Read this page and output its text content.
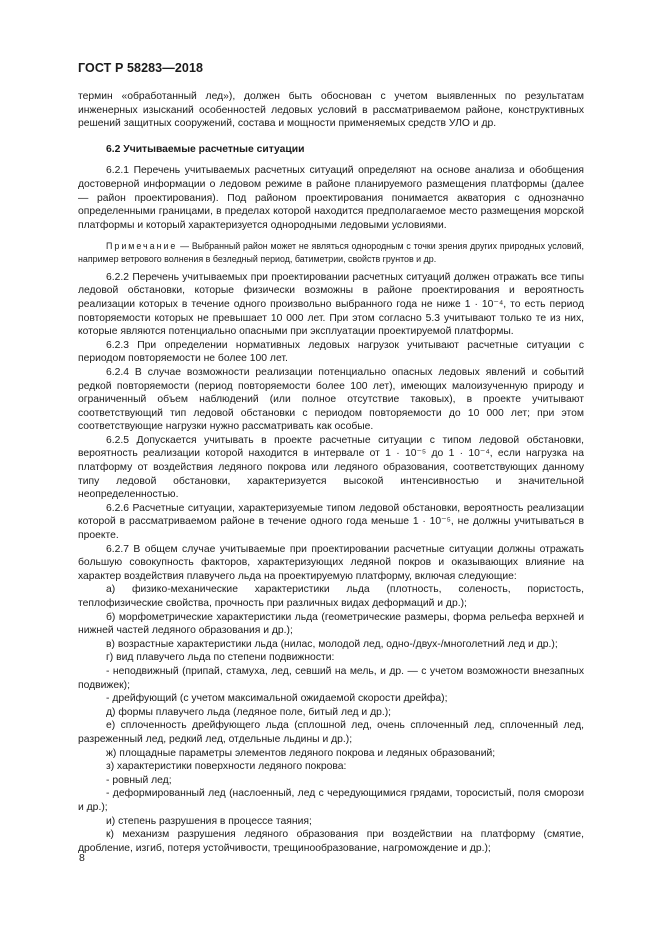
ГОСТ Р 58283—2018

термин «обработанный лед»), должен быть обоснован с учетом выявленных по результатам инженерных изысканий особенностей ледовых условий в рассматриваемом районе, конструктивных решений защитных сооружений, состава и мощности применяемых средств УЛО и др.

6.2 Учитываемые расчетные ситуации

6.2.1 Перечень учитываемых расчетных ситуаций определяют на основе анализа и обобщения достоверной информации о ледовом режиме в районе планируемого размещения платформы (далее — район проектирования). Под районом проектирования понимается акватория с однозначно определенными границами, в пределах которой находится предполагаемое место размещения морской платформы и который характеризуется однородными ледовыми условиями.

Примечание — Выбранный район может не являться однородным с точки зрения других природных условий, например ветрового волнения в безледный период, батиметрии, свойств грунтов и др.

6.2.2 Перечень учитываемых при проектировании расчетных ситуаций должен отражать все типы ледовой обстановки, которые физически возможны в районе проектирования и вероятность реализации которых в течение одного произвольно выбранного года не ниже 1 · 10⁻⁴, то есть период повторяемости которых не превышает 10 000 лет. При этом согласно 5.3 учитывают только те из них, которые являются потенциально опасными при эксплуатации проектируемой платформы.

6.2.3 При определении нормативных ледовых нагрузок учитывают расчетные ситуации с периодом повторяемости не более 100 лет.

6.2.4 В случае возможности реализации потенциально опасных ледовых явлений и событий редкой повторяемости (период повторяемости более 100 лет), имеющих малоизученную природу и ограниченный объем наблюдений (или полное отсутствие таковых), в проекте учитывают соответствующий тип ледовой обстановки с периодом повторяемости до 10 000 лет; при этом соответствующие нагрузки нужно рассматривать как особые.

6.2.5 Допускается учитывать в проекте расчетные ситуации с типом ледовой обстановки, вероятность реализации которой находится в интервале от 1 · 10⁻⁵ до 1 · 10⁻⁴, если нагрузка на платформу от воздействия ледяного покрова или ледяного образования, соответствующих данному типу ледовой обстановки, характеризуется высокой интенсивностью и значительной неопределенностью.

6.2.6 Расчетные ситуации, характеризуемые типом ледовой обстановки, вероятность реализации которой в рассматриваемом районе в течение одного года меньше 1 · 10⁻⁵, не должны учитываться в проекте.

6.2.7 В общем случае учитываемые при проектировании расчетные ситуации должны отражать большую совокупность факторов, характеризующих ледяной покров и оказывающих влияние на характер воздействия плавучего льда на проектируемую платформу, включая следующие:

а) физико-механические характеристики льда (плотность, соленость, пористость, теплофизические свойства, прочность при различных видах деформаций и др.);

б) морфометрические характеристики льда (геометрические размеры, форма рельефа верхней и нижней частей ледяного образования и др.);

в) возрастные характеристики льда (нилас, молодой лед, одно-/двух-/многолетний лед и др.);

г) вид плавучего льда по степени подвижности:

- неподвижный (припай, стамуха, лед, севший на мель, и др. — с учетом возможности внезапных подвижек);

- дрейфующий (с учетом максимальной ожидаемой скорости дрейфа);

д) формы плавучего льда (ледяное поле, битый лед и др.);

е) сплоченность дрейфующего льда (сплошной лед, очень сплоченный лед, сплоченный лед, разреженный лед, редкий лед, отдельные льдины и др.);

ж) площадные параметры элементов ледяного покрова и ледяных образований;

з) характеристики поверхности ледяного покрова:

- ровный лед;

- деформированный лед (наслоенный, лед с чередующимися грядами, торосистый, поля сморози и др.);

и) степень разрушения в процессе таяния;

к) механизм разрушения ледяного образования при воздействии на платформу (смятие, дробление, изгиб, потеря устойчивости, трещинообразование, нагромождение и др.);

8
